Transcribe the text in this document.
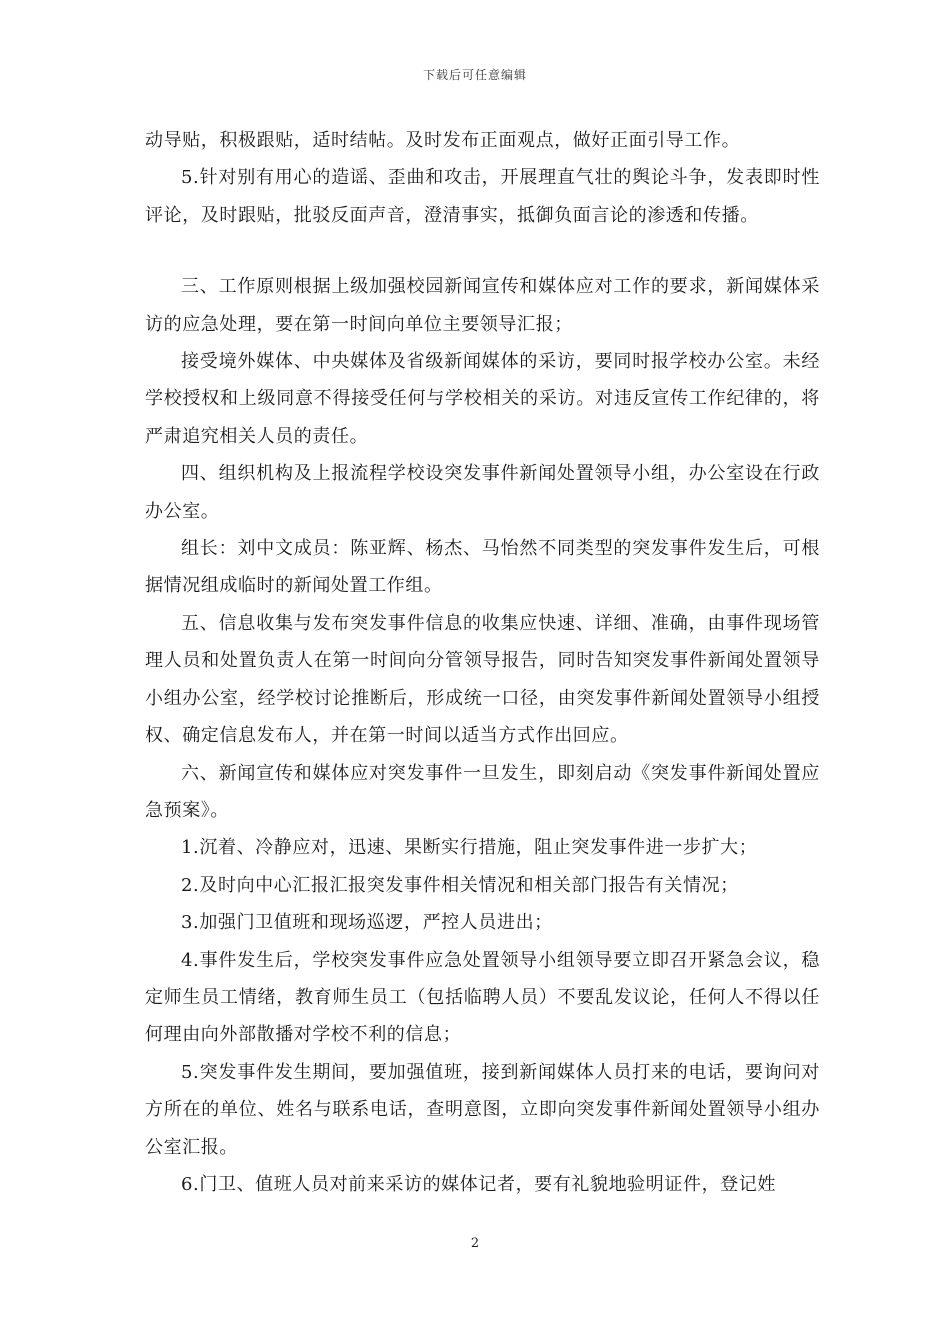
下载后可任意编辑

动导贴，积极跟贴，适时结帖。及时发布正面观点，做好正面引导工作。

5.针对别有用心的造谣、歪曲和攻击，开展理直气壮的舆论斗争，发表即时性评论，及时跟贴，批驳反面声音，澄清事实，抵御负面言论的渗透和传播。

三、工作原则根据上级加强校园新闻宣传和媒体应对工作的要求，新闻媒体采访的应急处理，要在第一时间向单位主要领导汇报；

接受境外媒体、中央媒体及省级新闻媒体的采访，要同时报学校办公室。未经学校授权和上级同意不得接受任何与学校相关的采访。对违反宣传工作纪律的，将严肃追究相关人员的责任。

四、组织机构及上报流程学校设突发事件新闻处置领导小组，办公室设在行政办公室。

组长：刘中文成员：陈亚辉、杨杰、马怡然不同类型的突发事件发生后，可根据情况组成临时的新闻处置工作组。

五、信息收集与发布突发事件信息的收集应快速、详细、准确，由事件现场管理人员和处置负责人在第一时间向分管领导报告，同时告知突发事件新闻处置领导小组办公室，经学校讨论推断后，形成统一口径，由突发事件新闻处置领导小组授权、确定信息发布人，并在第一时间以适当方式作出回应。

六、新闻宣传和媒体应对突发事件一旦发生，即刻启动《突发事件新闻处置应急预案》。

1.沉着、冷静应对，迅速、果断实行措施，阻止突发事件进一步扩大；

2.及时向中心汇报汇报突发事件相关情况和相关部门报告有关情况；

3.加强门卫值班和现场巡逻，严控人员进出；

4.事件发生后，学校突发事件应急处置领导小组领导要立即召开紧急会议，稳定师生员工情绪，教育师生员工（包括临聘人员）不要乱发议论，任何人不得以任何理由向外部散播对学校不利的信息；

5.突发事件发生期间，要加强值班，接到新闻媒体人员打来的电话，要询问对方所在的单位、姓名与联系电话，查明意图，立即向突发事件新闻处置领导小组办公室汇报。

6.门卫、值班人员对前来采访的媒体记者，要有礼貌地验明证件，登记姓

2
